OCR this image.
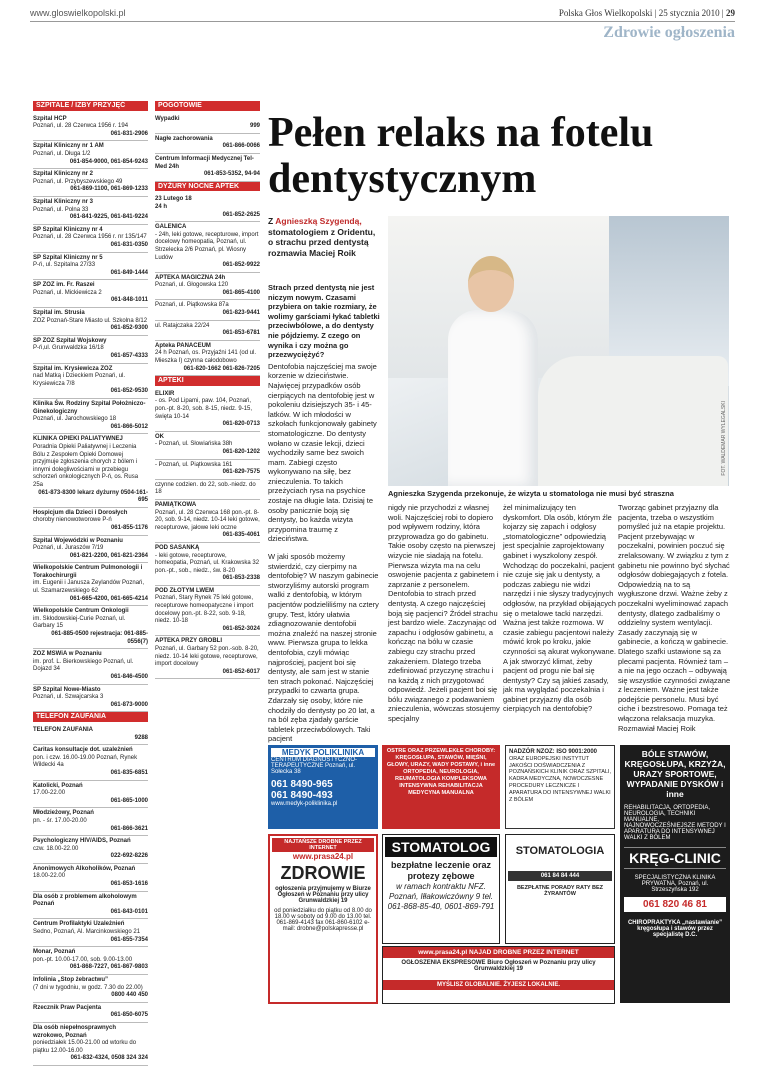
www.gloswielkopolski.pl	Polska Głos Wielkopolski | 25 stycznia 2010 | 29
Zdrowie ogłoszenia
SZPITALE / IZBY PRZYJĘĆ
Szpital HCP
Poznań, ul. 28 Czerwca 1956 r. 194
061-831-2906
Szpital Kliniczny nr 1 AM
Poznań, ul. Długa 1/2
061-854-9000, 061-854-9243
Szpital Kliniczny nr 2
Poznań, ul. Przybyszewskiego 49
061-869-1100, 061-869-1233
Szpital Kliniczny nr 3
Poznań, ul. Polna 33
061-841-9225, 061-841-9224
SP Szpital Kliniczny nr 4
Poznań, ul. 28 Czerwca 1956 r. nr 135/147
061-831-0350
SP Szpital Kliniczny nr 5
P-ń, ul. Szpitalna 27/33
061-849-1444
SP ZOZ im. Fr. Raszei
Poznań, ul. Mickiewicza 2
061-848-1011
Szpital im. Strusia
ZOZ Poznań-Stare Miasto ul. Szkolna 8/12
061-852-9300
SP ZOZ Szpital Wojskowy
P-ń,ul. Grunwaldzka 16/18
061-857-4333
Szpital im. Krysiewicza ZOZ
nad Matką i Dzieckiem Poznań, ul. Krysiewicza 7/8
061-852-9530
Klinika Św. Rodziny Szpital Położniczo-Ginekologiczny
Poznań, ul. Jarochowskiego 18
061-866-5012
KLINIKA OPIEKI PALIATYWNEJ
Poradnia Opieki Paliatywnej i Leczenia Bólu z Zespołem Opieki Domowej przyjmuje zgłoszenia chorych z bólem i innymi dolegliwościami w przebiegu schorzeń onkologicznych P-ń, os. Rusa 25a
061-873-8300 lekarz dyżurny 0504-161-695
Hospicjum dla Dzieci i Dorosłych
choroby nienowotworowe P-ń
061-855-1176
Szpital Wojewódzki w Poznaniu
Poznań, ul. Juraszów 7/19
061-821-2200, 061-821-2364
Wielkopolskie Centrum Pulmonologii i Torakochirurgii
im. Eugenii i Janusza Zeylandów Poznań, ul. Szamarzewskiego 62
061-665-4200, 061-665-4214
Wielkopolskie Centrum Onkologii
im. Skłodowskiej-Curie Poznań, ul. Garbary 15
061-885-0500 rejestracja: 061-885-0556(7)
ZOZ MSWiA w Poznaniu
im. prof. L. Bierkowskiego Poznań, ul. Dojazd 34
061-846-4500
SP Szpital Nowe-Miasto
Poznań, ul. Szwajcarska 3
061-873-9000
TELEFON ZAUFANIA
TELEFON ZAUFANIA
9288
Caritas konsultacje dot. uzależnień
pon. i czw. 16.00-19.00 Poznań, Rynek Wildecki 4a
061-835-6851
Katolicki, Poznań
17.00-22.00
061-865-1000
Młodzieżowy, Poznań
pn. - śr. 17.00-20.00
061-866-3621
Psychologiczny HIV/AIDS, Poznań
czw. 18.00-22.00
022-692-8226
Anonimowych Alkoholików, Poznań
18.00-22.00
061-853-1616
Dla osób z problemem alkoholowym Poznań
061-843-0101
Centrum Profilaktyki Uzależnień
Sedno, Poznań, Al. Marcinkowskiego 21
061-855-7354
Monar, Poznań
pon.-pt. 10.00-17.00, sob. 9.00-13.00
061-868-7227, 061-867-9803
Infolinia „Stop żebractwu”
(7 dni w tygodniu, w godz. 7.30 do 22.00)
0800 440 450
Rzecznik Praw Pacjenta
061-850-6075
Dla osób niepełnosprawnych wzrokowo, Poznań
poniedziałek 15.00-21.00 od wtorku do piątku 12.00-16.00
061-832-4324, 0508 324 324
POGOTOWIE
Wypadki
999
Nagłe zachorowania
061-866-0066
Centrum Informacji Medycznej Tel-Med 24h
061-853-5352, 94-94
DYŻURY NOCNE APTEK
23 Lutego 18
24 h
061-852-2625
GALENICA
- 24h, leki gotowe, recepturowe, import docelowy homeopatia, Poznań, ul. Strzelecka 2/6 Poznań, pl. Wiosny Ludów
061-852-9922
APTEKA MAGICZNA 24h
Poznań, ul. Głogowska 120
061-865-4100
Poznań, ul. Piątkowska 87a
061-823-9441
ul. Ratajczaka 22/24
061-853-6781
Apteka PANACEUM
24 h Poznań, os. Przyjaźni 141 (od ul. Mieszka I) czynna całodobowo
061-820-1662 061-826-7205
APTEKI
ELIXIR
- os. Pod Lipami, paw. 104, Poznań, pon.-pt. 8-20, sob. 8-15, niedz. 9-15, święta 10-14
061-820-0713
OK
- Poznań, ul. Słowiańska 38h
061-820-1202
- Poznań, ul. Piątkowska 161
061-829-7575
czynne codzien. do 22, sob.-niedz. do 18
PAMIĄTKOWA
Poznań, ul. 28 Czerwca 168 pon.-pt. 8-20, sob. 9-14, niedz. 10-14 leki gotowe, recepturowe, jałowe leki oczne
061-835-4061
POD SASANKĄ
- leki gotowe, recepturowe, homeopatia, Poznań, ul. Krakowska 32 pon.-pt., sob., niedz., św. 8-20
061-853-2338
POD ZŁOTYM LWEM
Poznań, Stary Rynek 75 leki gotowe, recepturowe homeopatyczne i import docelowy pon.-pt. 8-22, sob. 9-18, niedz. 10-18
061-852-3024
APTEKA PRZY GROBLI
Poznań, ul. Garbary 52 pon.-sob. 8-20, niedz. 10-14 leki gotowe, recepturowe, import docelowy
061-852-6017
Pełen relaks na fotelu dentystycznym
Z Agnieszką Szygendą, stomatologiem z Oridentu, o strachu przed dentystą rozmawia Maciej Roik
FOT. WALDEMAR WYLEGALSKI
Agnieszka Szygenda przekonuje, że wizyta u stomatologa nie musi być straszna

Strach przed dentystą nie jest niczym nowym. Czasami przybiera on takie rozmiary, że wolimy garściami łykać tabletki przeciwbólowe, a do dentysty nie pójdziemy. Z czego on wynika i czy można go przezwyciężyć?

Dentofobia najczęściej ma swoje korzenie w dzieciństwie. Najwięcej przypadków osób cierpiących na dentofobię jest w pokoleniu dzisiejszych 35- i 45-latków. W ich młodości w szkołach funkcjonowały gabinety stomatologiczne. Do dentysty wołano w czasie lekcji, dzieci wychodziły same bez swoich mam. Zabiegi często wykonywano na siłę, bez znieczulenia. To takich przeżyciach rysa na psychice zostaje na długie lata. Dzisiaj te osoby panicznie boją się dentysty, bo każda wizyta przypomina traumę z dzieciństwa.

W jaki sposób możemy stwierdzić, czy cierpimy na dentofobię? W naszym gabinecie stworzyliśmy autorski program walki z dentofobią, w którym pacjentów podzieliliśmy na cztery grupy. Test, który ułatwia zdiagnozowanie dentofobii można znaleźć na naszej stronie www. Pierwsza grupa to lekka dentofobia, czyli mówiąc najprościej, pacjent boi się dentysty, ale sam jest w stanie ten strach pokonać. Najczęściej przypadki to czwarta grupa. Zdarzały się osoby, które nie chodziły do dentysty po 20 lat, a na ból zęba zjadały garście tabletek przeciwbólowych. Taki pacjent
nigdy nie przychodzi z własnej woli. Najczęściej robi to dopiero pod wpływem rodziny, która przyprowadza go do gabinetu. Takie osoby często na pierwszej wizycie nie siadają na fotelu. Pierwsza wizyta ma na celu oswojenie pacjenta z gabinetem i zaprzanie z personelem. Dentofobia to strach przed dentystą. A czego najczęściej boją się pacjenci? Źródeł strachu jest bardzo wiele. Zaczynając od zapachu i odgłosów gabinetu, a kończąc na bólu w czasie zabiegu czy strachu przed zakażeniem. Dlatego trzeba zdefiniować przyczynę strachu i na każdą z nich przygotować odpowiedź. Jeżeli pacjent boi się bólu związanego z podawaniem znieczulenia, wówczas stosujemy specjalny
żel minimalizujący ten dyskomfort. Dla osób, którym źle kojarzy się zapach i odgłosy „stomatologiczne” odpowiedzią jest specjalnie zaprojektowany gabinet i wyszkolony zespół. Wchodząc do poczekalni, pacjent nie czuje się jak u dentysty, a podczas zabiegu nie widzi narzędzi i nie słyszy tradycyjnych odgłosów, na przykład obijających się o metalowe tacki narzędzi. Ważna jest także rozmowa. W czasie zabiegu pacjentowi należy mówić krok po kroku, jakie czynności są akurat wykonywane. A jak stworzyć klimat, żeby pacjent od progu nie bał się dentysty? Czy są jakieś zasady, jak ma wyglądać poczekalnia i gabinet przyjazny dla osób cierpiących na dentofobię?
Tworząc gabinet przyjazny dla pacjenta, trzeba o wszystkim pomyśleć już na etapie projektu. Pacjent przebywając w poczekalni, powinien poczuć się zrelaksowany. W związku z tym z gabinetu nie powinno być słychać odgłosów dobiegających z fotela. Odpowiedzią na to są wygłuszone drzwi. Ważne żeby z poczekalni wyeliminować zapach dentysty, dlatego zadbaliśmy o oddzielny system wentylacji. Zasady zaczynają się w gabinecie, a kończą w gabinecie. Dlatego szafki ustawione są za plecami pacjenta. Również tam – a nie na jego oczach – odbywają się wszystkie czynności związane z leczeniem. Ważne jest także podejście personelu. Musi być ciche i bezstresowo. Pomaga też włączona relaksacja muzyka. Rozmawiał Maciej Roik
MEDYK POLIKLINIKA
CENTRUM DIAGNOSTYCZNO-TERAPEUTYCZNE Poznań, ul. Sołecka 38
061 8490-965
061 8490-493
www.medyk-poliklinika.pl
OSTRE ORAZ PRZEWLEKŁE CHOROBY: KRĘGOSŁUPA, STAWÓW, MIĘŚNI, GŁOWY, URAZY, WADY POSTAWY, i inne ORTOPEDIA, NEUROLOGIA, REUMATOLOGIA KOMPLEKSOWA INTENSYWNA REHABILITACJA MEDYCYNA MANUALNA
NADZÓR NZOZ: ISO 9001:2000
ORAZ EUROPEJSKI INSTYTUT JAKOŚCI DOŚWIADCZENIA Z POZNAŃSKICH KLINIK ORAZ SZPITALI, KADRA MEDYCZNA, NOWOCZESNE PROCEDURY LECZNICZE I APARATURA DO INTENSYWNEJ WALKI Z BÓLEM
BÓLE STAWÓW, KRĘGOSŁUPA, KRZYŻA, URAZY SPORTOWE, WYPADANIE DYSKÓW i inne
REHABILITACJA, ORTOPEDIA, NEUROLOGIA, TECHNIKI MANUALNE, NAJNOWOCZEŚNIEJSZE METODY I APARATURA DO INTENSYWNEJ WALKI Z BÓLEM
KRĘG-CLINIC
SPECJALISTYCZNA KLINIKA PRYWATNA, Poznań, ul. Strzeszyńska 192
061 820 46 81
CHIROPRAKTYKA „nastawianie” kręgosłupa i stawów przez specjalistę D.C.
NAJTAŃSZE DROBNE PRZEZ INTERNET
www.prasa24.pl
ZDROWIE
ogłoszenia przyjmujemy w Biurze Ogłoszeń w Poznaniu przy ulicy Grunwaldzkiej 19
od poniedziałku do piątku od 8.00 do 18.00 w soboty od 9.00 do 13.00 tel. 061-869-4143 fax 061-860-6102 e-mail: drobne@polskapresse.pl
STOMATOLOG
bezpłatne leczenie oraz protezy zębowe
w ramach kontraktu NFZ. Poznań, Iłłakowiczówny 9 tel. 061-868-85-40, 0601-869-791
STOMATOLOGIA
061 84 84 444
BEZPŁATNE PORADY RATY BEZ ŻYRANTÓW
www.prasa24.pl NAJAD DROBNE PRZEZ INTERNET
OGŁOSZENIA EKSPRESOWE Biuro Ogłoszeń w Poznaniu przy ulicy Grunwaldzkiej 19
MYŚLISZ GLOBALNIE. ŻYJESZ LOKALNIE.
